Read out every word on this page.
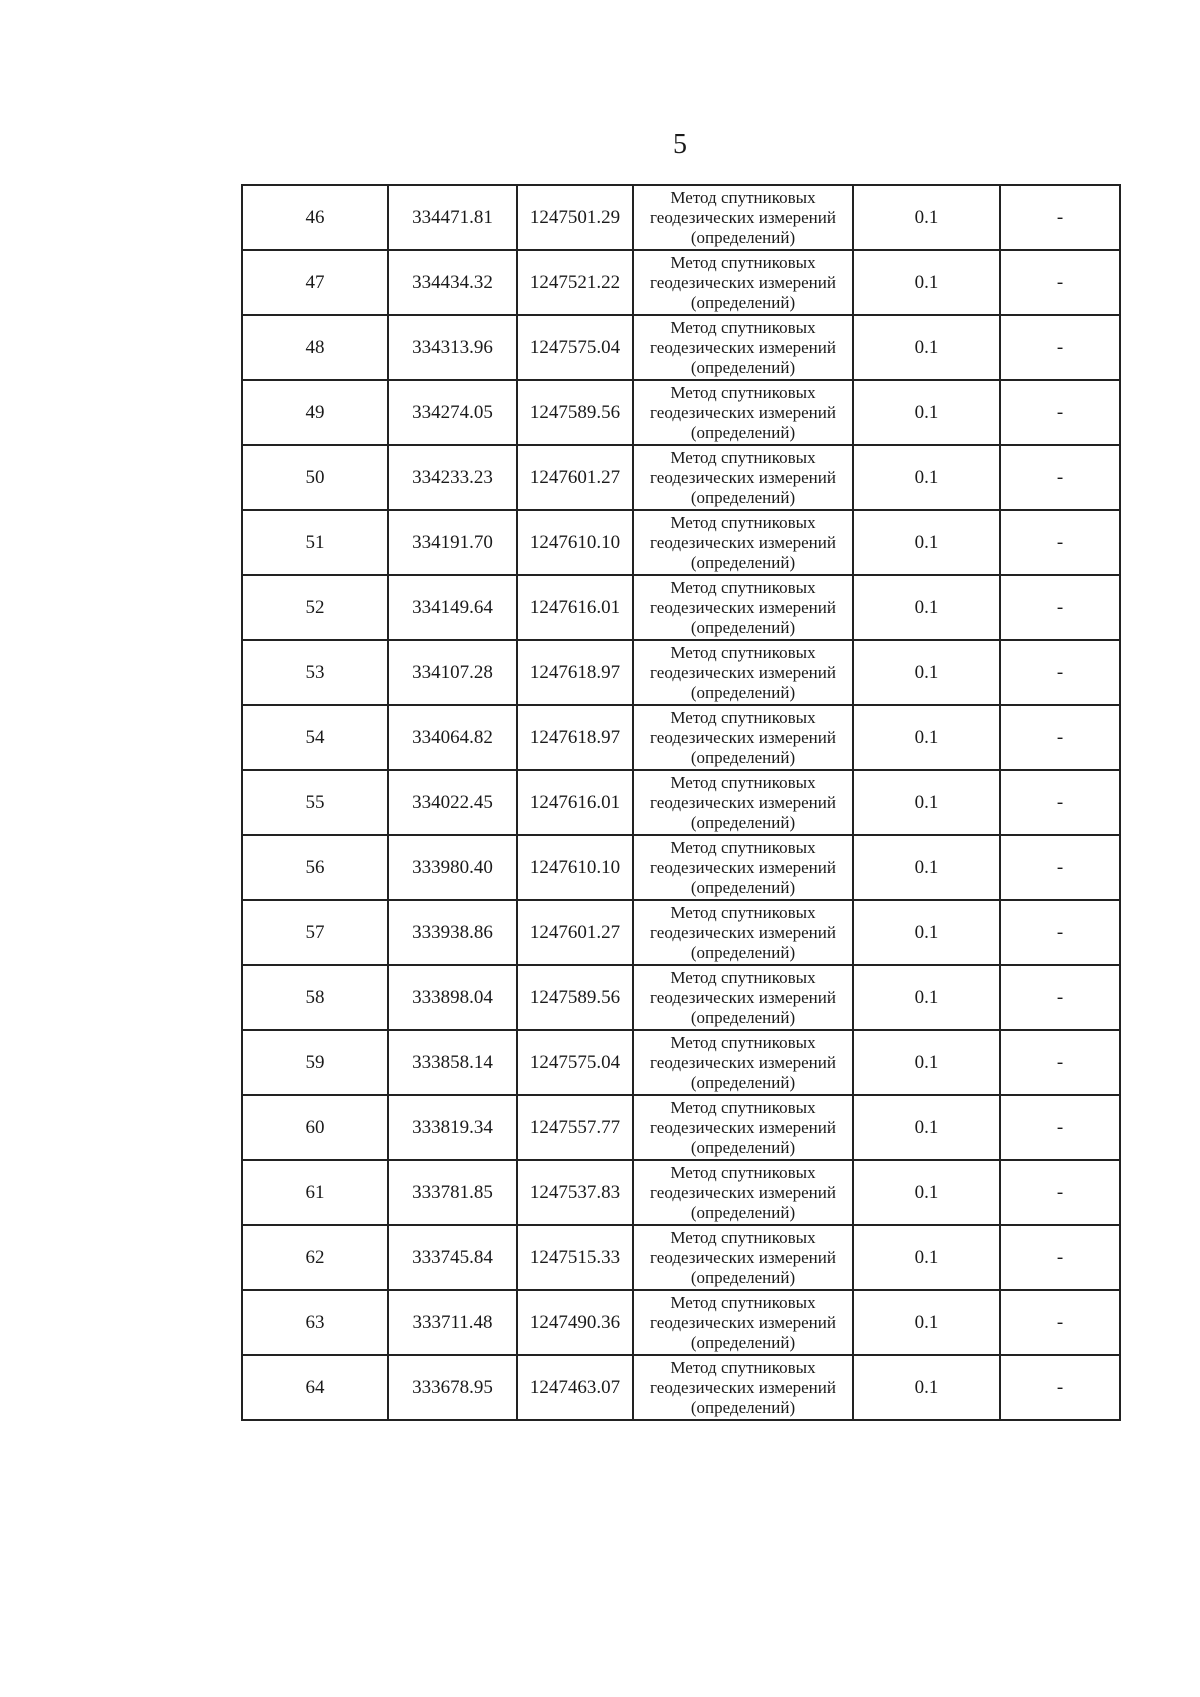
5
46	334471.81	1247501.29	Метод спутниковых
геодезических измерений
(определений)	0.1	-
47	334434.32	1247521.22	Метод спутниковых
геодезических измерений
(определений)	0.1	-
48	334313.96	1247575.04	Метод спутниковых
геодезических измерений
(определений)	0.1	-
49	334274.05	1247589.56	Метод спутниковых
геодезических измерений
(определений)	0.1	-
50	334233.23	1247601.27	Метод спутниковых
геодезических измерений
(определений)	0.1	-
51	334191.70	1247610.10	Метод спутниковых
геодезических измерений
(определений)	0.1	-
52	334149.64	1247616.01	Метод спутниковых
геодезических измерений
(определений)	0.1	-
53	334107.28	1247618.97	Метод спутниковых
геодезических измерений
(определений)	0.1	-
54	334064.82	1247618.97	Метод спутниковых
геодезических измерений
(определений)	0.1	-
55	334022.45	1247616.01	Метод спутниковых
геодезических измерений
(определений)	0.1	-
56	333980.40	1247610.10	Метод спутниковых
геодезических измерений
(определений)	0.1	-
57	333938.86	1247601.27	Метод спутниковых
геодезических измерений
(определений)	0.1	-
58	333898.04	1247589.56	Метод спутниковых
геодезических измерений
(определений)	0.1	-
59	333858.14	1247575.04	Метод спутниковых
геодезических измерений
(определений)	0.1	-
60	333819.34	1247557.77	Метод спутниковых
геодезических измерений
(определений)	0.1	-
61	333781.85	1247537.83	Метод спутниковых
геодезических измерений
(определений)	0.1	-
62	333745.84	1247515.33	Метод спутниковых
геодезических измерений
(определений)	0.1	-
63	333711.48	1247490.36	Метод спутниковых
геодезических измерений
(определений)	0.1	-
64	333678.95	1247463.07	Метод спутниковых
геодезических измерений
(определений)	0.1	-
